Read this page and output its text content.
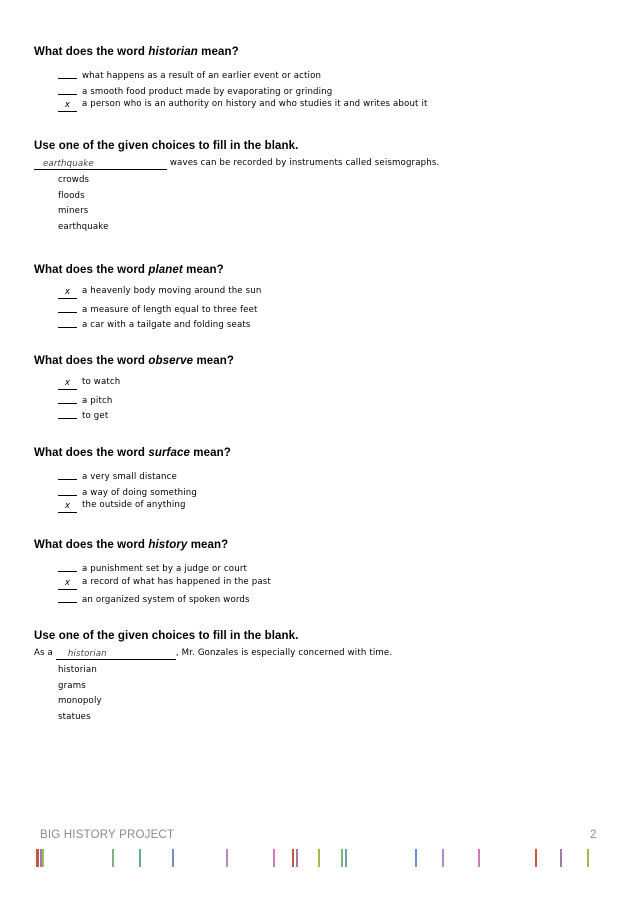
What does the word historian mean?
what happens as a result of an earlier event or action
a smooth food product made by evaporating or grinding
x a person who is an authority on history and who studies it and writes about it
Use one of the given choices to fill in the blank.
earthquake	waves can be recorded by instruments called seismographs.
crowds
floods
miners
earthquake
What does the word planet mean?
x a heavenly body moving around the sun
a measure of length equal to three feet
a car with a tailgate and folding seats
What does the word observe mean?
x to watch
a pitch
to get
What does the word surface mean?
a very small distance
a way of doing something
x the outside of anything
What does the word history mean?
a punishment set by a judge or court
x a record of what has happened in the past
an organized system of spoken words
Use one of the given choices to fill in the blank.
As a historian	, Mr. Gonzales is especially concerned with time.
historian
grams
monopoly
statues
BIG HISTORY PROJECT	2
